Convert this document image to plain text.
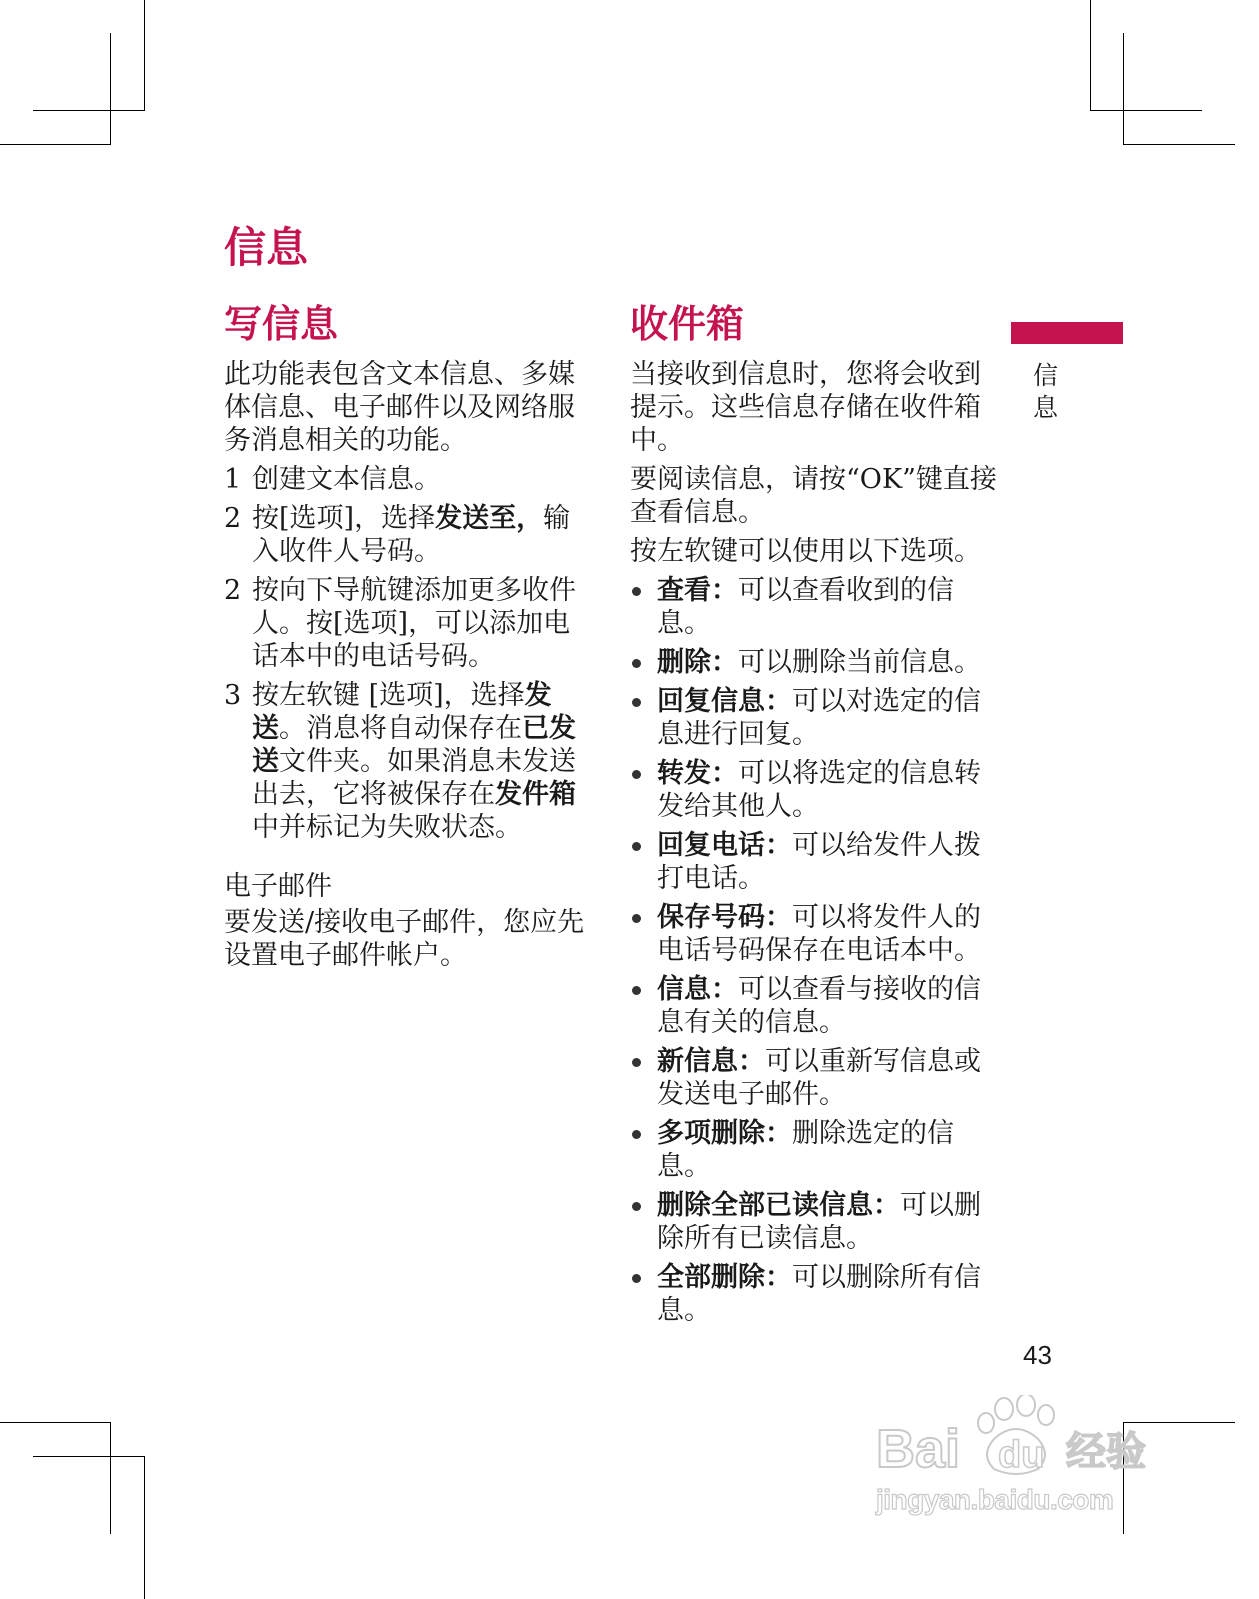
信息
写信息

此功能表包含文本信息、多媒体信息、电子邮件以及网络服务消息相关的功能。

1 创建文本信息。
2 按[选项]，选择发送至，输入收件人号码。
2 按向下导航键添加更多收件人。按[选项]，可以添加电话本中的电话号码。
3 按左软键 [选项]，选择发送。消息将自动保存在已发送文件夹。如果消息未发送出去，它将被保存在发件箱中并标记为失败状态。
电子邮件

要发送/接收电子邮件，您应先设置电子邮件帐户。

收件箱

当接收到信息时，您将会收到提示。这些信息存储在收件箱中。

要阅读信息，请按“OK”键直接查看信息。

按左软键可以使用以下选项。

查看：可以查看收到的信息。
删除：可以删除当前信息。
回复信息：可以对选定的信息进行回复。
转发：可以将选定的信息转发给其他人。
回复电话：可以给发件人拨打电话。
保存号码：可以将发件人的电话号码保存在电话本中。
信息：可以查看与接收的信息有关的信息。
新信息：可以重新写信息或发送电子邮件。
多项删除：删除选定的信息。
删除全部已读信息：可以删除所有已读信息。
全部删除：可以删除所有信息。
信息
43
Bai du 经验
jingyan.baidu.com
